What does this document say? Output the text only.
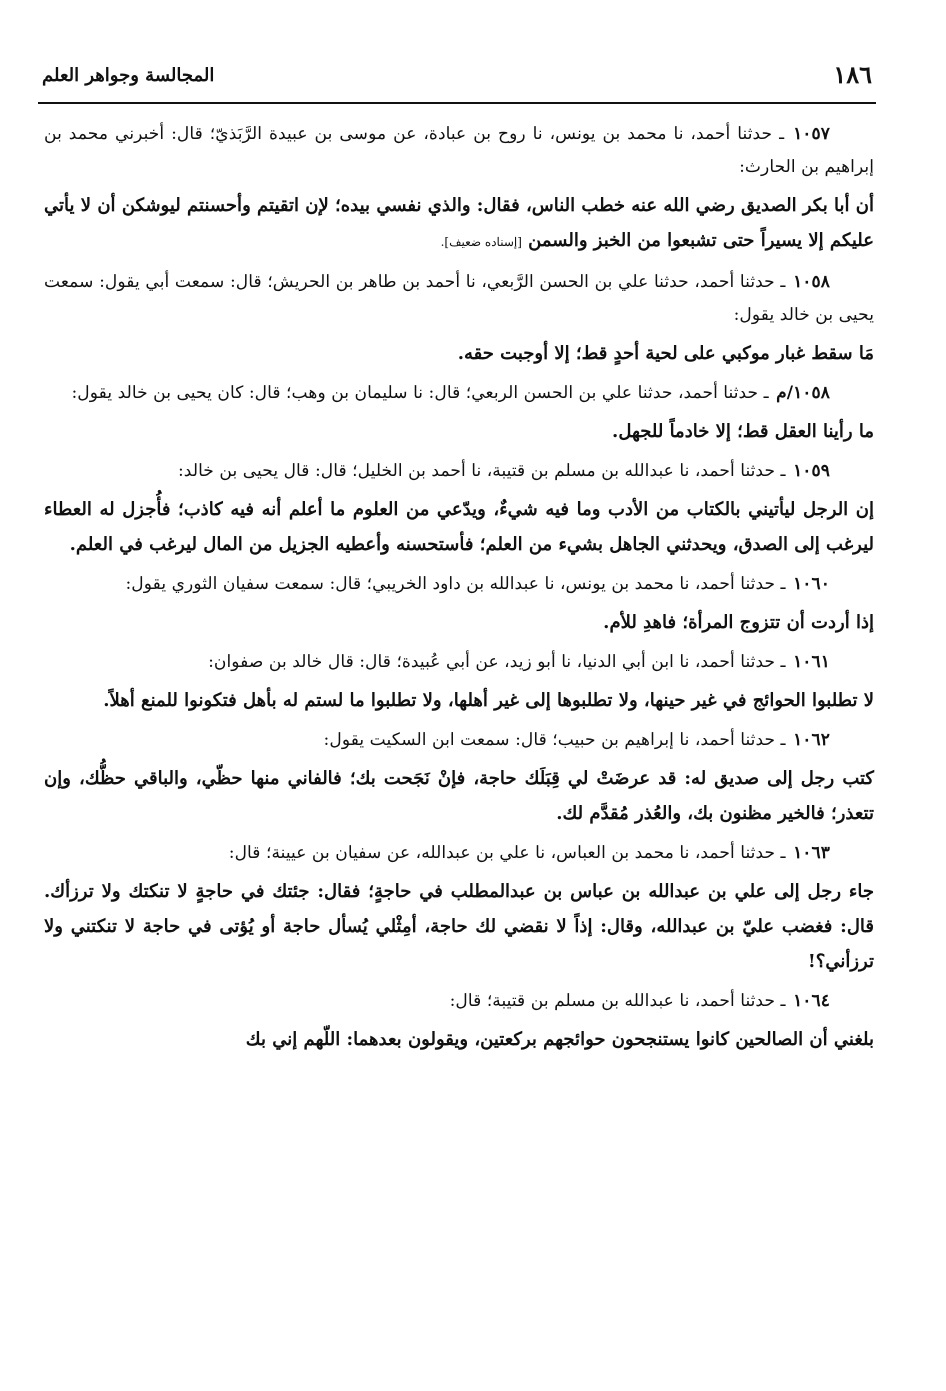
١٨٦
المجالسة وجواهر العلم

١٠٥٧ ـ حدثنا أحمد، نا محمد بن يونس، نا روح بن عبادة، عن موسى بن عبيدة الرَّبَذيّ؛ قال: أخبرني محمد بن إبراهيم بن الحارث:

أن أبا بكر الصديق رضي الله عنه خطب الناس، فقال: والذي نفسي بيده؛ لإن اتقيتم وأحسنتم ليوشكن أن لا يأتي عليكم إلا يسيراً حتى تشبعوا من الخبز والسمن [إسناده ضعيف].

١٠٥٨ ـ حدثنا أحمد، حدثنا علي بن الحسن الرَّبعي، نا أحمد بن طاهر بن الحريش؛ قال: سمعت أبي يقول: سمعت يحيى بن خالد يقول:

مَا سقط غبار موكبي على لحية أحدٍ قط؛ إلا أوجبت حقه.

١٠٥٨/م ـ حدثنا أحمد، حدثنا علي بن الحسن الربعي؛ قال: نا سليمان بن وهب؛ قال: كان يحيى بن خالد يقول:

ما رأينا العقل قط؛ إلا خادماً للجهل.

١٠٥٩ ـ حدثنا أحمد، نا عبدالله بن مسلم بن قتيبة، نا أحمد بن الخليل؛ قال: قال يحيى بن خالد:

إن الرجل ليأتيني بالكتاب من الأدب وما فيه شيءٌ، ويدّعي من العلوم ما أعلم أنه فيه كاذب؛ فأُجزل له العطاء ليرغب إلى الصدق، ويحدثني الجاهل بشيء من العلم؛ فأستحسنه وأعطيه الجزيل من المال ليرغب في العلم.

١٠٦٠ ـ حدثنا أحمد، نا محمد بن يونس، نا عبدالله بن داود الخريبي؛ قال: سمعت سفيان الثوري يقول:

إذا أردت أن تتزوج المرأة؛ فاهدِ للأم.

١٠٦١ ـ حدثنا أحمد، نا ابن أبي الدنيا، نا أبو زيد، عن أبي عُبيدة؛ قال: قال خالد بن صفوان:

لا تطلبوا الحوائج في غير حينها، ولا تطلبوها إلى غير أهلها، ولا تطلبوا ما لستم له بأهل فتكونوا للمنع أهلاً.

١٠٦٢ ـ حدثنا أحمد، نا إبراهيم بن حبيب؛ قال: سمعت ابن السكيت يقول:

كتب رجل إلى صديق له: قد عرضَتْ لي قِبَلَك حاجة، فإنْ نَجَحت بك؛ فالفاني منها حظّي، والباقي حظُّك، وإن تتعذر؛ فالخير مظنون بك، والعُذر مُقدَّم لك.

١٠٦٣ ـ حدثنا أحمد، نا محمد بن العباس، نا علي بن عبدالله، عن سفيان بن عيينة؛ قال:

جاء رجل إلى علي بن عبدالله بن عباس بن عبدالمطلب في حاجةٍ؛ فقال: جئتك في حاجةٍ لا تنكتك ولا ترزأك. قال: فغضب عليّ بن عبدالله، وقال: إذاً لا نقضي لك حاجة، أمِثْلي يُسأل حاجة أو يُؤتى في حاجة لا تنكتني ولا ترزأني؟!

١٠٦٤ ـ حدثنا أحمد، نا عبدالله بن مسلم بن قتيبة؛ قال:

بلغني أن الصالحين كانوا يستنجحون حوائجهم بركعتين، ويقولون بعدهما: اللّهم إني بك
